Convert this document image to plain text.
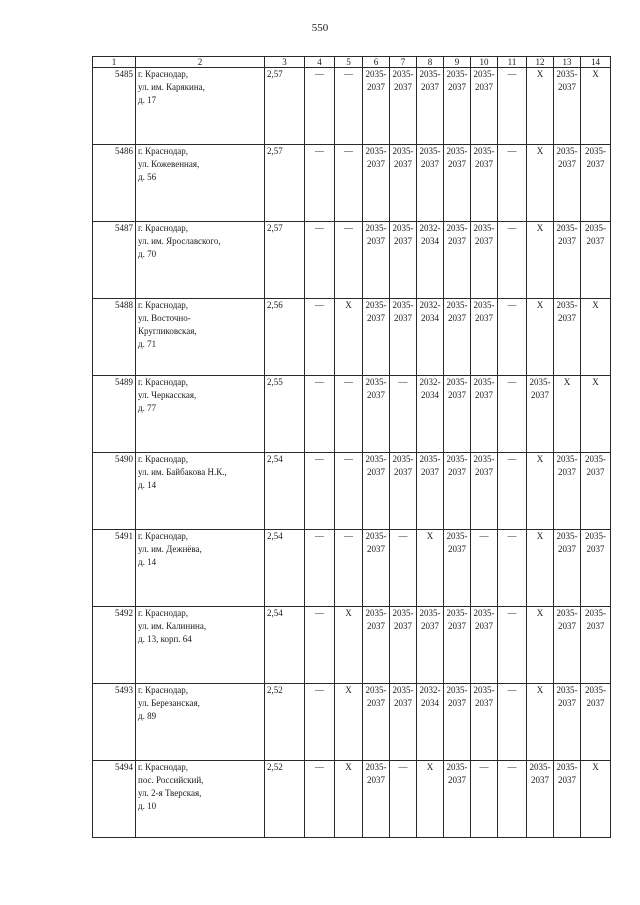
550
1	2	3	4	5	6	7	8	9	10	11	12	13	14
5485	г. Краснодар,
ул. им. Карякина,
д. 17	2,57	—	—	2035-
2037	2035-
2037	2035-
2037	2035-
2037	2035-
2037	—	Х	2035-
2037	Х
5486	г. Краснодар,
ул. Кожевенная,
д. 56	2,57	—	—	2035-
2037	2035-
2037	2035-
2037	2035-
2037	2035-
2037	—	Х	2035-
2037	2035-
2037
5487	г. Краснодар,
ул. им. Ярославского,
д. 70	2,57	—	—	2035-
2037	2035-
2037	2032-
2034	2035-
2037	2035-
2037	—	Х	2035-
2037	2035-
2037
5488	г. Краснодар,
ул. Восточно-
Кругликовская,
д. 71	2,56	—	Х	2035-
2037	2035-
2037	2032-
2034	2035-
2037	2035-
2037	—	Х	2035-
2037	Х
5489	г. Краснодар,
ул. Черкасская,
д. 77	2,55	—	—	2035-
2037	—	2032-
2034	2035-
2037	2035-
2037	—	2035-
2037	Х	Х
5490	г. Краснодар,
ул. им. Байбакова Н.К.,
д. 14	2,54	—	—	2035-
2037	2035-
2037	2035-
2037	2035-
2037	2035-
2037	—	Х	2035-
2037	2035-
2037
5491	г. Краснодар,
ул. им. Дежнёва,
д. 14	2,54	—	—	2035-
2037	—	Х	2035-
2037	—	—	Х	2035-
2037	2035-
2037
5492	г. Краснодар,
ул. им. Калинина,
д. 13, корп. 64	2,54	—	Х	2035-
2037	2035-
2037	2035-
2037	2035-
2037	2035-
2037	—	Х	2035-
2037	2035-
2037
5493	г. Краснодар,
ул. Березанская,
д. 89	2,52	—	Х	2035-
2037	2035-
2037	2032-
2034	2035-
2037	2035-
2037	—	Х	2035-
2037	2035-
2037
5494	г. Краснодар,
пос. Российский,
ул. 2-я Тверская,
д. 10	2,52	—	Х	2035-
2037	—	Х	2035-
2037	—	—	2035-
2037	2035-
2037	Х
